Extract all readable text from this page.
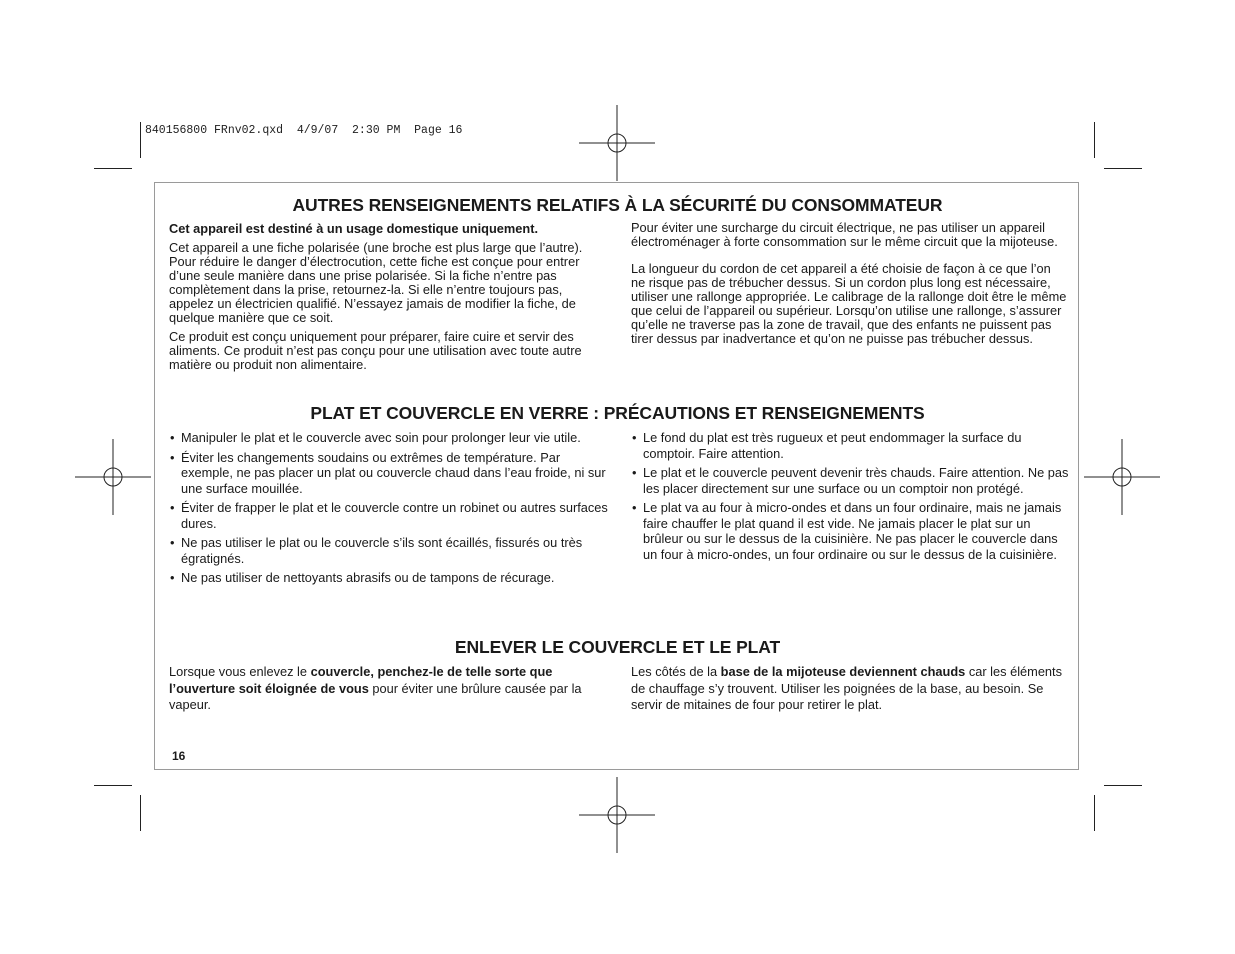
840156800 FRnv02.qxd  4/9/07  2:30 PM  Page 16
AUTRES RENSEIGNEMENTS RELATIFS À LA SÉCURITÉ DU CONSOMMATEUR

Cet appareil est destiné à un usage domestique uniquement.

Cet appareil a une fiche polarisée (une broche est plus large que l’autre). Pour réduire le danger d’électrocution, cette fiche est conçue pour entrer d’une seule manière dans une prise polarisée. Si la fiche n’entre pas complètement dans la prise, retournez-la. Si elle n’entre toujours pas, appelez un électricien qualifié. N’essayez jamais de modifier la fiche, de quelque manière que ce soit.

Ce produit est conçu uniquement pour préparer, faire cuire et servir des aliments. Ce produit n’est pas conçu pour une utilisation avec toute autre matière ou produit non alimentaire.

Pour éviter une surcharge du circuit électrique, ne pas utiliser un appareil électroménager à forte consommation sur le même circuit que la mijoteuse.

La longueur du cordon de cet appareil a été choisie de façon à ce que l’on ne risque pas de trébucher dessus. Si un cordon plus long est nécessaire, utiliser une rallonge appropriée. Le calibrage de la rallonge doit être le même que celui de l’appareil ou supérieur. Lorsqu’on utilise une rallonge, s’assurer qu’elle ne traverse pas la zone de travail, que des enfants ne puissent pas tirer dessus par inadvertance et qu’on ne puisse pas trébucher dessus.

PLAT ET COUVERCLE EN VERRE : PRÉCAUTIONS ET RENSEIGNEMENTS
• Manipuler le plat et le couvercle avec soin pour prolonger leur vie utile.
• Éviter les changements soudains ou extrêmes de température. Par exemple, ne pas placer un plat ou couvercle chaud dans l’eau froide, ni sur une surface mouillée.
• Éviter de frapper le plat et le couvercle contre un robinet ou autres surfaces dures.
• Ne pas utiliser le plat ou le couvercle s’ils sont écaillés, fissurés ou très égratignés.
• Ne pas utiliser de nettoyants abrasifs ou de tampons de récurage.
• Le fond du plat est très rugueux et peut endommager la surface du comptoir. Faire attention.
• Le plat et le couvercle peuvent devenir très chauds. Faire attention. Ne pas les placer directement sur une surface ou un comptoir non protégé.
• Le plat va au four à micro-ondes et dans un four ordinaire, mais ne jamais faire chauffer le plat quand il est vide. Ne jamais placer le plat sur un brûleur ou sur le dessus de la cuisinière. Ne pas placer le couvercle dans un four à micro-ondes, un four ordinaire ou sur le dessus de la cuisinière.
ENLEVER LE COUVERCLE ET LE PLAT

Lorsque vous enlevez le couvercle, penchez-le de telle sorte que l’ouverture soit éloignée de vous pour éviter une brûlure causée par la vapeur.

Les côtés de la base de la mijoteuse deviennent chauds car les éléments de chauffage s’y trouvent. Utiliser les poignées de la base, au besoin. Se servir de mitaines de four pour retirer le plat.

16
